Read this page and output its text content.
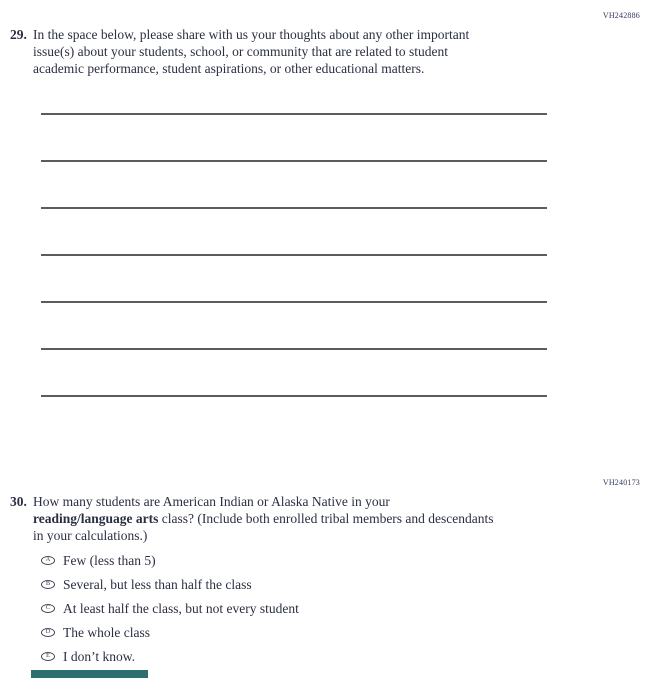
VH242886
29. In the space below, please share with us your thoughts about any other important
issue(s) about your students, school, or community that are related to student
academic performance, student aspirations, or other educational matters.
VH240173
30. How many students are American Indian or Alaska Native in your
reading/language arts class? (Include both enrolled tribal members and descendants
in your calculations.)
A Few (less than 5)
B Several, but less than half the class
C At least half the class, but not every student
D The whole class
E I don’t know.
